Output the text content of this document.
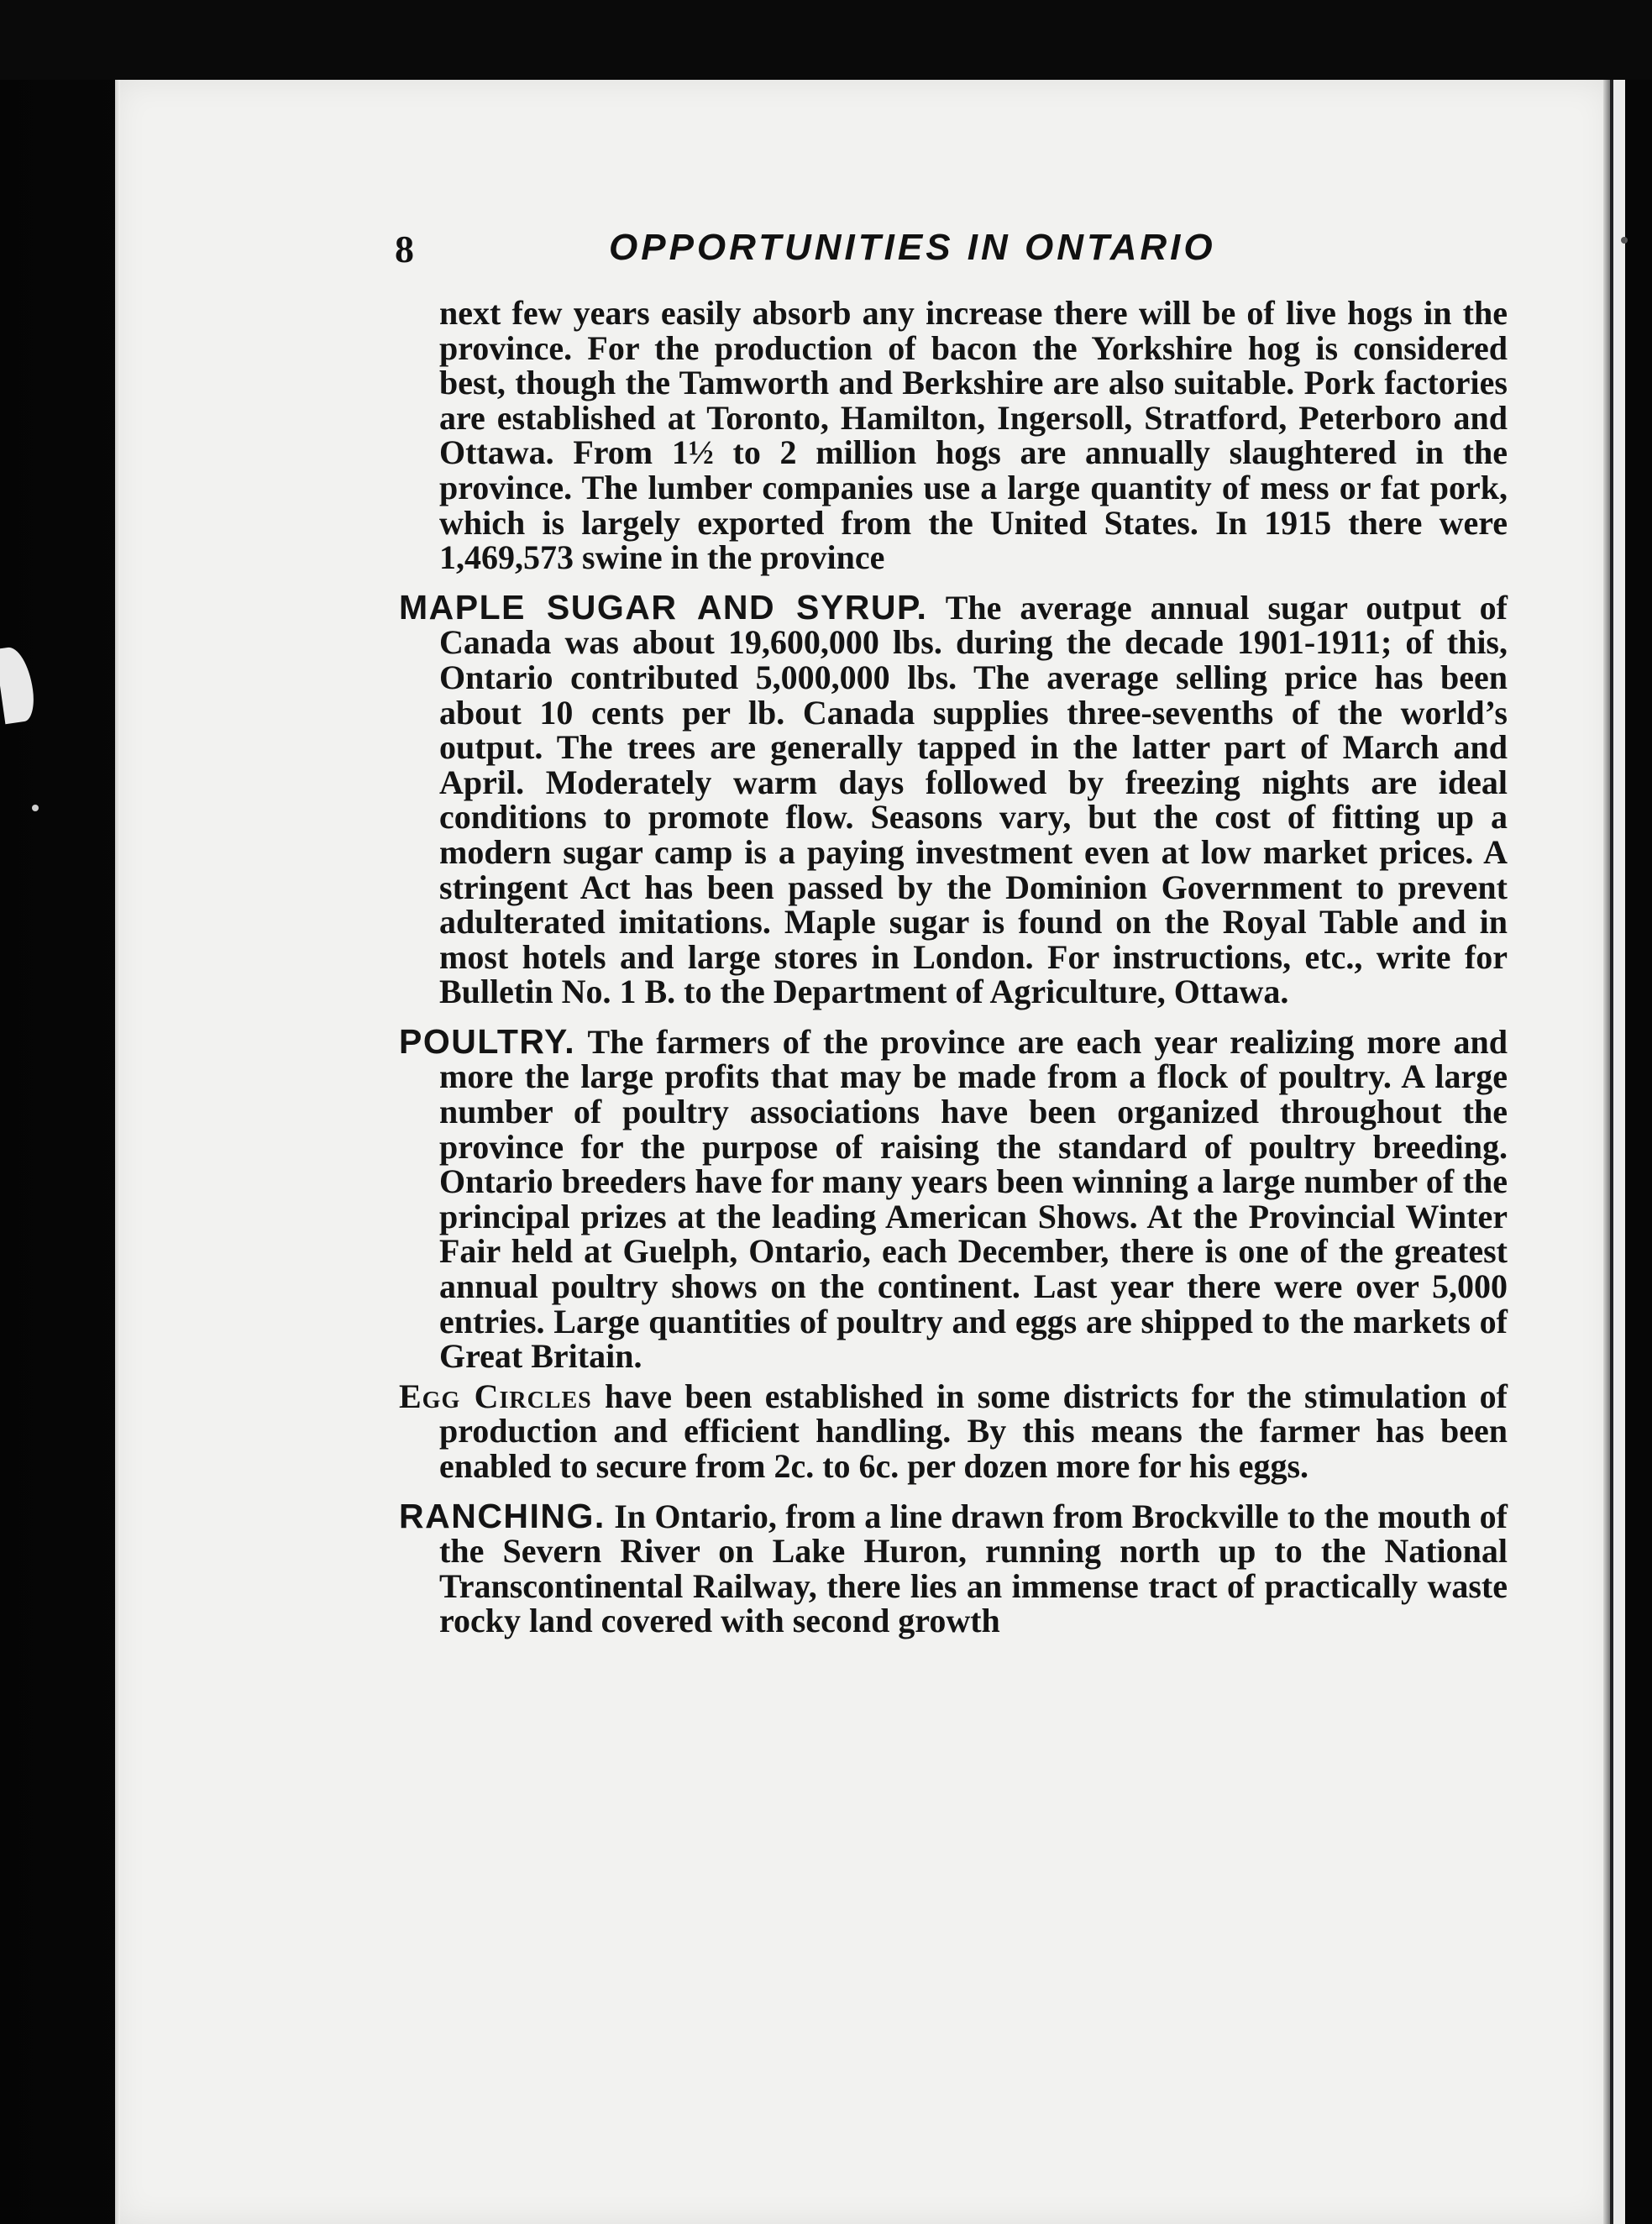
8	OPPORTUNITIES IN ONTARIO

next few years easily absorb any increase there will be of live hogs in the province. For the production of bacon the Yorkshire hog is considered best, though the Tamworth and Berkshire are also suitable. Pork factories are established at Toronto, Hamilton, Ingersoll, Stratford, Peterboro and Ottawa. From 1½ to 2 million hogs are annually slaughtered in the province. The lumber companies use a large quantity of mess or fat pork, which is largely exported from the United States. In 1915 there were 1,469,573 swine in the province

MAPLE SUGAR AND SYRUP. The average annual sugar output of Canada was about 19,600,000 lbs. during the decade 1901-1911; of this, Ontario contributed 5,000,000 lbs. The average selling price has been about 10 cents per lb. Canada supplies three-sevenths of the world’s output. The trees are generally tapped in the latter part of March and April. Moderately warm days followed by freezing nights are ideal conditions to promote flow. Seasons vary, but the cost of fitting up a modern sugar camp is a paying investment even at low market prices. A stringent Act has been passed by the Dominion Government to prevent adulterated imitations. Maple sugar is found on the Royal Table and in most hotels and large stores in London. For instructions, etc., write for Bulletin No. 1 B. to the Department of Agriculture, Ottawa.

POULTRY. The farmers of the province are each year realizing more and more the large profits that may be made from a flock of poultry. A large number of poultry associations have been organized throughout the province for the purpose of raising the standard of poultry breeding. Ontario breeders have for many years been winning a large number of the principal prizes at the leading American Shows. At the Provincial Winter Fair held at Guelph, Ontario, each December, there is one of the greatest annual poultry shows on the continent. Last year there were over 5,000 entries. Large quantities of poultry and eggs are shipped to the markets of Great Britain.

Egg Circles have been established in some districts for the stimulation of production and efficient handling. By this means the farmer has been enabled to secure from 2c. to 6c. per dozen more for his eggs.

RANCHING. In Ontario, from a line drawn from Brockville to the mouth of the Severn River on Lake Huron, running north up to the National Transcontinental Railway, there lies an immense tract of practically waste rocky land covered with second growth
